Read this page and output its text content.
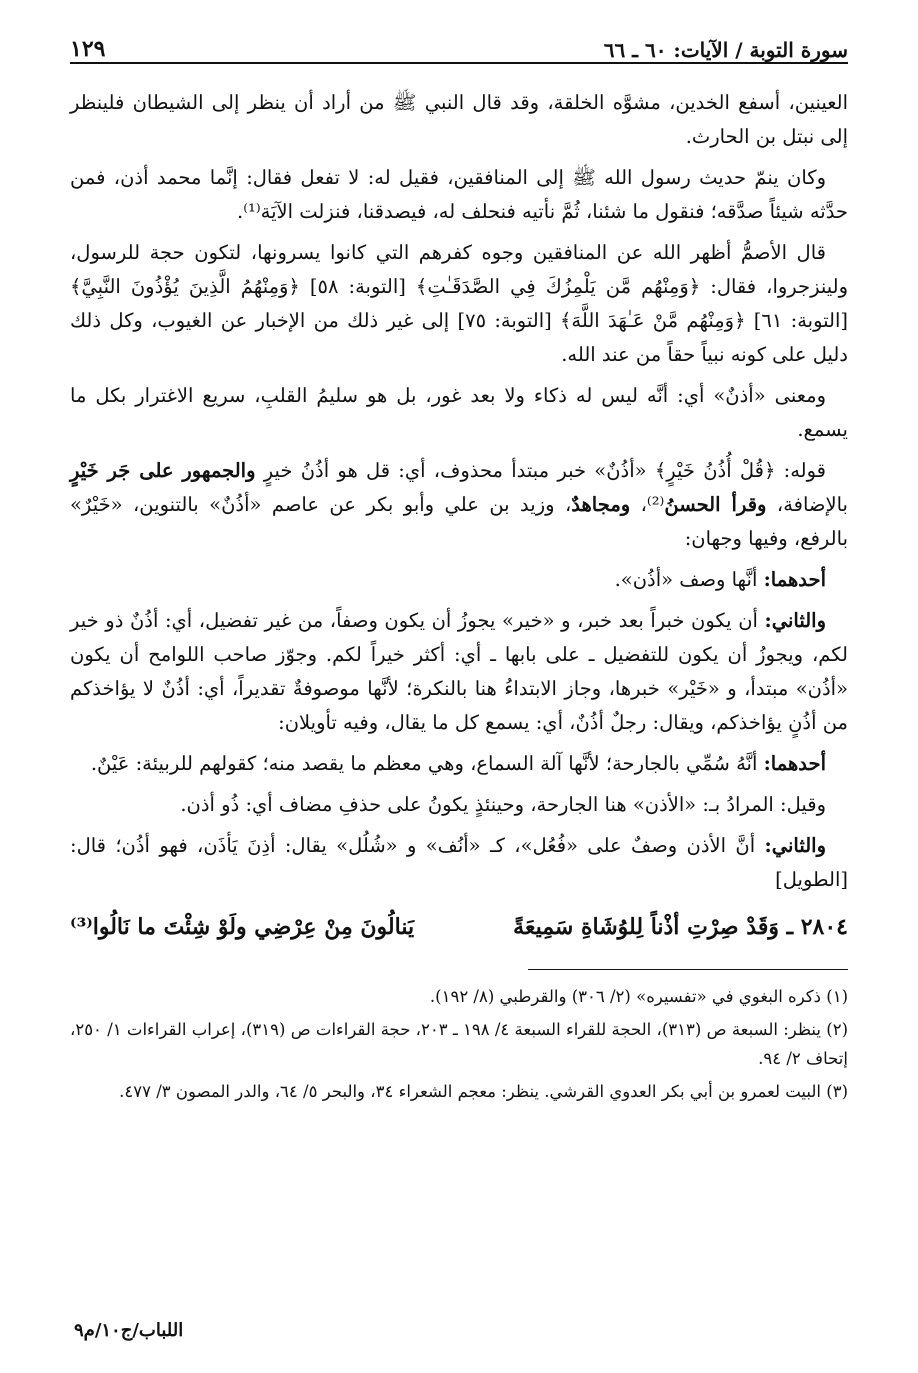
سورة التوبة / الآيات: ٦٠ ـ ٦٦
١٢٩

العينين، أسفع الخدين، مشوَّه الخلقة، وقد قال النبي ﷺ من أراد أن ينظر إلى الشيطان فلينظر إلى نبتل بن الحارث.

وكان ينمّ حديث رسول الله ﷺ إلى المنافقين، فقيل له: لا تفعل فقال: إنَّما محمد أذن، فمن حدَّثه شيئاً صدَّقه؛ فنقول ما شئنا، ثُمَّ نأتيه فنحلف له، فيصدقنا، فنزلت الآيَة⁽¹⁾.

قال الأصمُّ أظهر الله عن المنافقين وجوه كفرهم التي كانوا يسرونها، لتكون حجة للرسول، ولينزجروا، فقال: ﴿وَمِنْهُم مَّن يَلْمِزُكَ فِي الصَّدَقَـٰتِ﴾ [التوبة: ٥٨] ﴿وَمِنْهُمُ الَّذِينَ يُؤْذُونَ النَّبِيَّ﴾ [التوبة: ٦١] ﴿وَمِنْهُم مَّنْ عَـٰهَدَ اللَّهَ﴾ [التوبة: ٧٥] إلى غير ذلك من الإخبار عن الغيوب، وكل ذلك دليل على كونه نبياً حقاً من عند الله.

ومعنى «أذنٌ» أي: أنَّه ليس له ذكاء ولا بعد غور، بل هو سليمُ القلبِ، سريع الاغترار بكل ما يسمع.

قوله: ﴿قُلْ أُذُنُ خَيْرٍ﴾ «أذُنٌ» خبر مبتدأ محذوف، أي: قل هو أذُنُ خيرٍ والجمهور على جَر خَيْرٍ بالإضافة، وقرأ الحسنُ⁽²⁾، ومجاهدٌ، وزيد بن علي وأبو بكر عن عاصم «أذُنٌ» بالتنوين، «خَيْرٌ» بالرفع، وفيها وجهان:

أحدهما: أنَّها وصف «أذُن».

والثاني: أن يكون خبراً بعد خبر، و «خير» يجوزُ أن يكون وصفاً، من غير تفضيل، أي: أذُنٌ ذو خير لكم، ويجوزُ أن يكون للتفضيل ـ على بابها ـ أي: أكثر خيراً لكم. وجوّز صاحب اللوامح أن يكون «أذُن» مبتدأ، و «خَيْر» خبرها، وجاز الابتداءُ هنا بالنكرة؛ لأنَّها موصوفةٌ تقديراً، أي: أذُنٌ لا يؤاخذكم من أذُنٍ يؤاخذكم، ويقال: رجلٌ أذُنٌ، أي: يسمع كل ما يقال، وفيه تأويلان:

أحدهما: أنَّهُ سُمِّي بالجارحة؛ لأنَّها آلة السماع، وهي معظم ما يقصد منه؛ كقولهم للربيئة: عَيْنٌ.

وقيل: المرادُ بـ: «الأذن» هنا الجارحة، وحينئذٍ يكونُ على حذفِ مضاف أي: ذُو أذن.

والثاني: أنَّ الأذن وصفٌ على «فُعُل»، كـ «أنُف» و «شُلُل» يقال: أذِنَ يَأذَن، فهو أذُن؛ قال: [الطويل]

٢٨٠٤ ـ وَقَدْ صِرْتِ أذْناً لِلوُشَاةِ سَمِيعَةً
يَنالُونَ مِنْ عِرْضِي ولَوْ شِئْتَ ما نَالُوا⁽³⁾

(١) ذكره البغوي في «تفسيره» (٢/ ٣٠٦) والقرطبي (٨/ ١٩٢).

(٢) ينظر: السبعة ص (٣١٣)، الحجة للقراء السبعة ٤/ ١٩٨ ـ ٢٠٣، حجة القراءات ص (٣١٩)، إعراب القراءات ١/ ٢٥٠، إتحاف ٢/ ٩٤.

(٣) البيت لعمرو بن أبي بكر العدوي القرشي. ينظر: معجم الشعراء ٣٤، والبحر ٥/ ٦٤، والدر المصون ٣/ ٤٧٧.

اللباب/ج١٠/م٩
